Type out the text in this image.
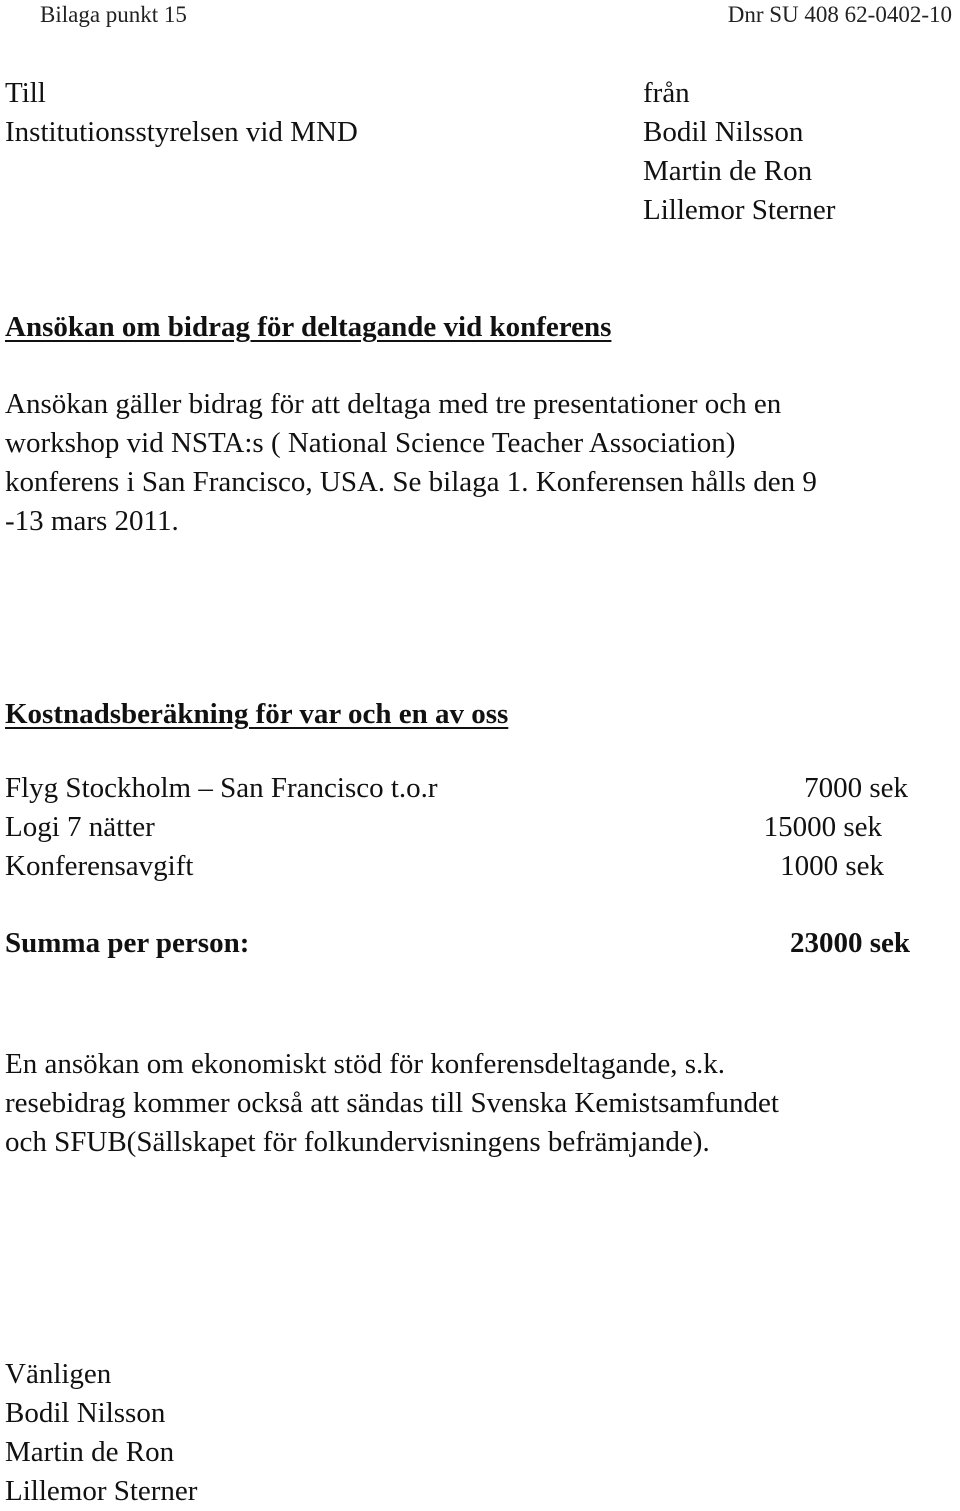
Bilaga punkt 15	Dnr SU 408 62-0402-10
Till
Institutionsstyrelsen vid MND
från
Bodil Nilsson
Martin de Ron
Lillemor Sterner
Ansökan om bidrag för deltagande vid konferens
Ansökan gäller bidrag för att deltaga med tre presentationer och en
workshop vid NSTA:s ( National Science Teacher Association)
konferens i San Francisco, USA. Se bilaga 1. Konferensen hålls den 9
-13 mars 2011.
Kostnadsberäkning för var och en av oss
Flyg Stockholm – San Francisco t.o.r	7000 sek
Logi 7 nätter	15000 sek
Konferensavgift	1000 sek
Summa per person:	23000 sek
En ansökan om ekonomiskt stöd för konferensdeltagande, s.k.
resebidrag kommer också att sändas till Svenska Kemistsamfundet
och SFUB(Sällskapet för folkundervisningens befrämjande).
Vänligen
Bodil Nilsson
Martin de Ron
Lillemor Sterner
